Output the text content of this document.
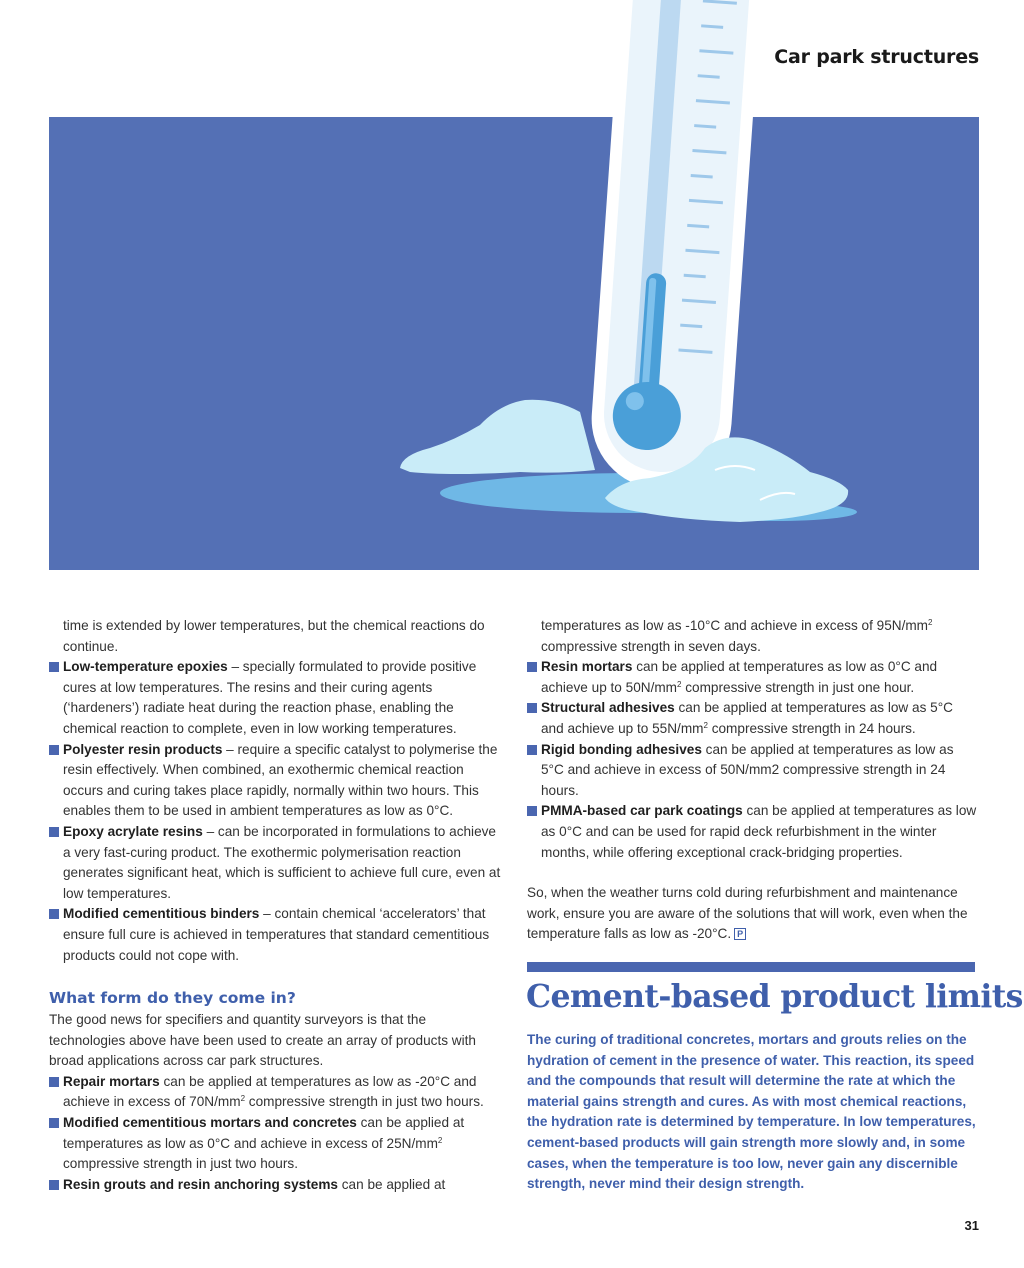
Car park structures

time is extended by lower temperatures, but the chemical reactions do continue.

Low-temperature epoxies – specially formulated to provide positive cures at low temperatures. The resins and their curing agents (‘hardeners’) radiate heat during the reaction phase, enabling the chemical reaction to complete, even in low working temperatures.
Polyester resin products – require a specific catalyst to polymerise the resin effectively. When combined, an exothermic chemical reaction occurs and curing takes place rapidly, normally within two hours. This enables them to be used in ambient temperatures as low as 0°C.
Epoxy acrylate resins – can be incorporated in formulations to achieve a very fast-curing product. The exothermic polymerisation reaction generates significant heat, which is sufficient to achieve full cure, even at low temperatures.
Modified cementitious binders – contain chemical ‘accelerators’ that ensure full cure is achieved in temperatures that standard cementitious products could not cope with.
What form do they come in?

The good news for specifiers and quantity surveyors is that the technologies above have been used to create an array of products with broad applications across car park structures.

Repair mortars can be applied at temperatures as low as -20°C and achieve in excess of $70N/mm^2$ compressive strength in just two hours.
Modified cementitious mortars and concretes can be applied at temperatures as low as 0°C and achieve in excess of $25N/mm^2$ compressive strength in just two hours.
Resin grouts and resin anchoring systems can be applied at

temperatures as low as -10°C and achieve in excess of $95N/mm^2$ compressive strength in seven days.

Resin mortars can be applied at temperatures as low as 0°C and achieve up to $50N/mm^2$ compressive strength in just one hour.
Structural adhesives can be applied at temperatures as low as 5°C and achieve up to $55N/mm^2$ compressive strength in 24 hours.
Rigid bonding adhesives can be applied at temperatures as low as 5°C and achieve in excess of 50N/mm2 compressive strength in 24 hours.
PMMA-based car park coatings can be applied at temperatures as low as 0°C and can be used for rapid deck refurbishment in the winter months, while offering exceptional crack-bridging properties.

So, when the weather turns cold during refurbishment and maintenance work, ensure you are aware of the solutions that will work, even when the temperature falls as low as -20°C. P

Cement-based product limits
The curing of traditional concretes, mortars and grouts relies on the hydration of cement in the presence of water. This reaction, its speed and the compounds that result will determine the rate at which the material gains strength and cures. As with most chemical reactions, the hydration rate is determined by temperature. In low temperatures, cement-based products will gain strength more slowly and, in some cases, when the temperature is too low, never gain any discernible strength, never mind their design strength.
31
